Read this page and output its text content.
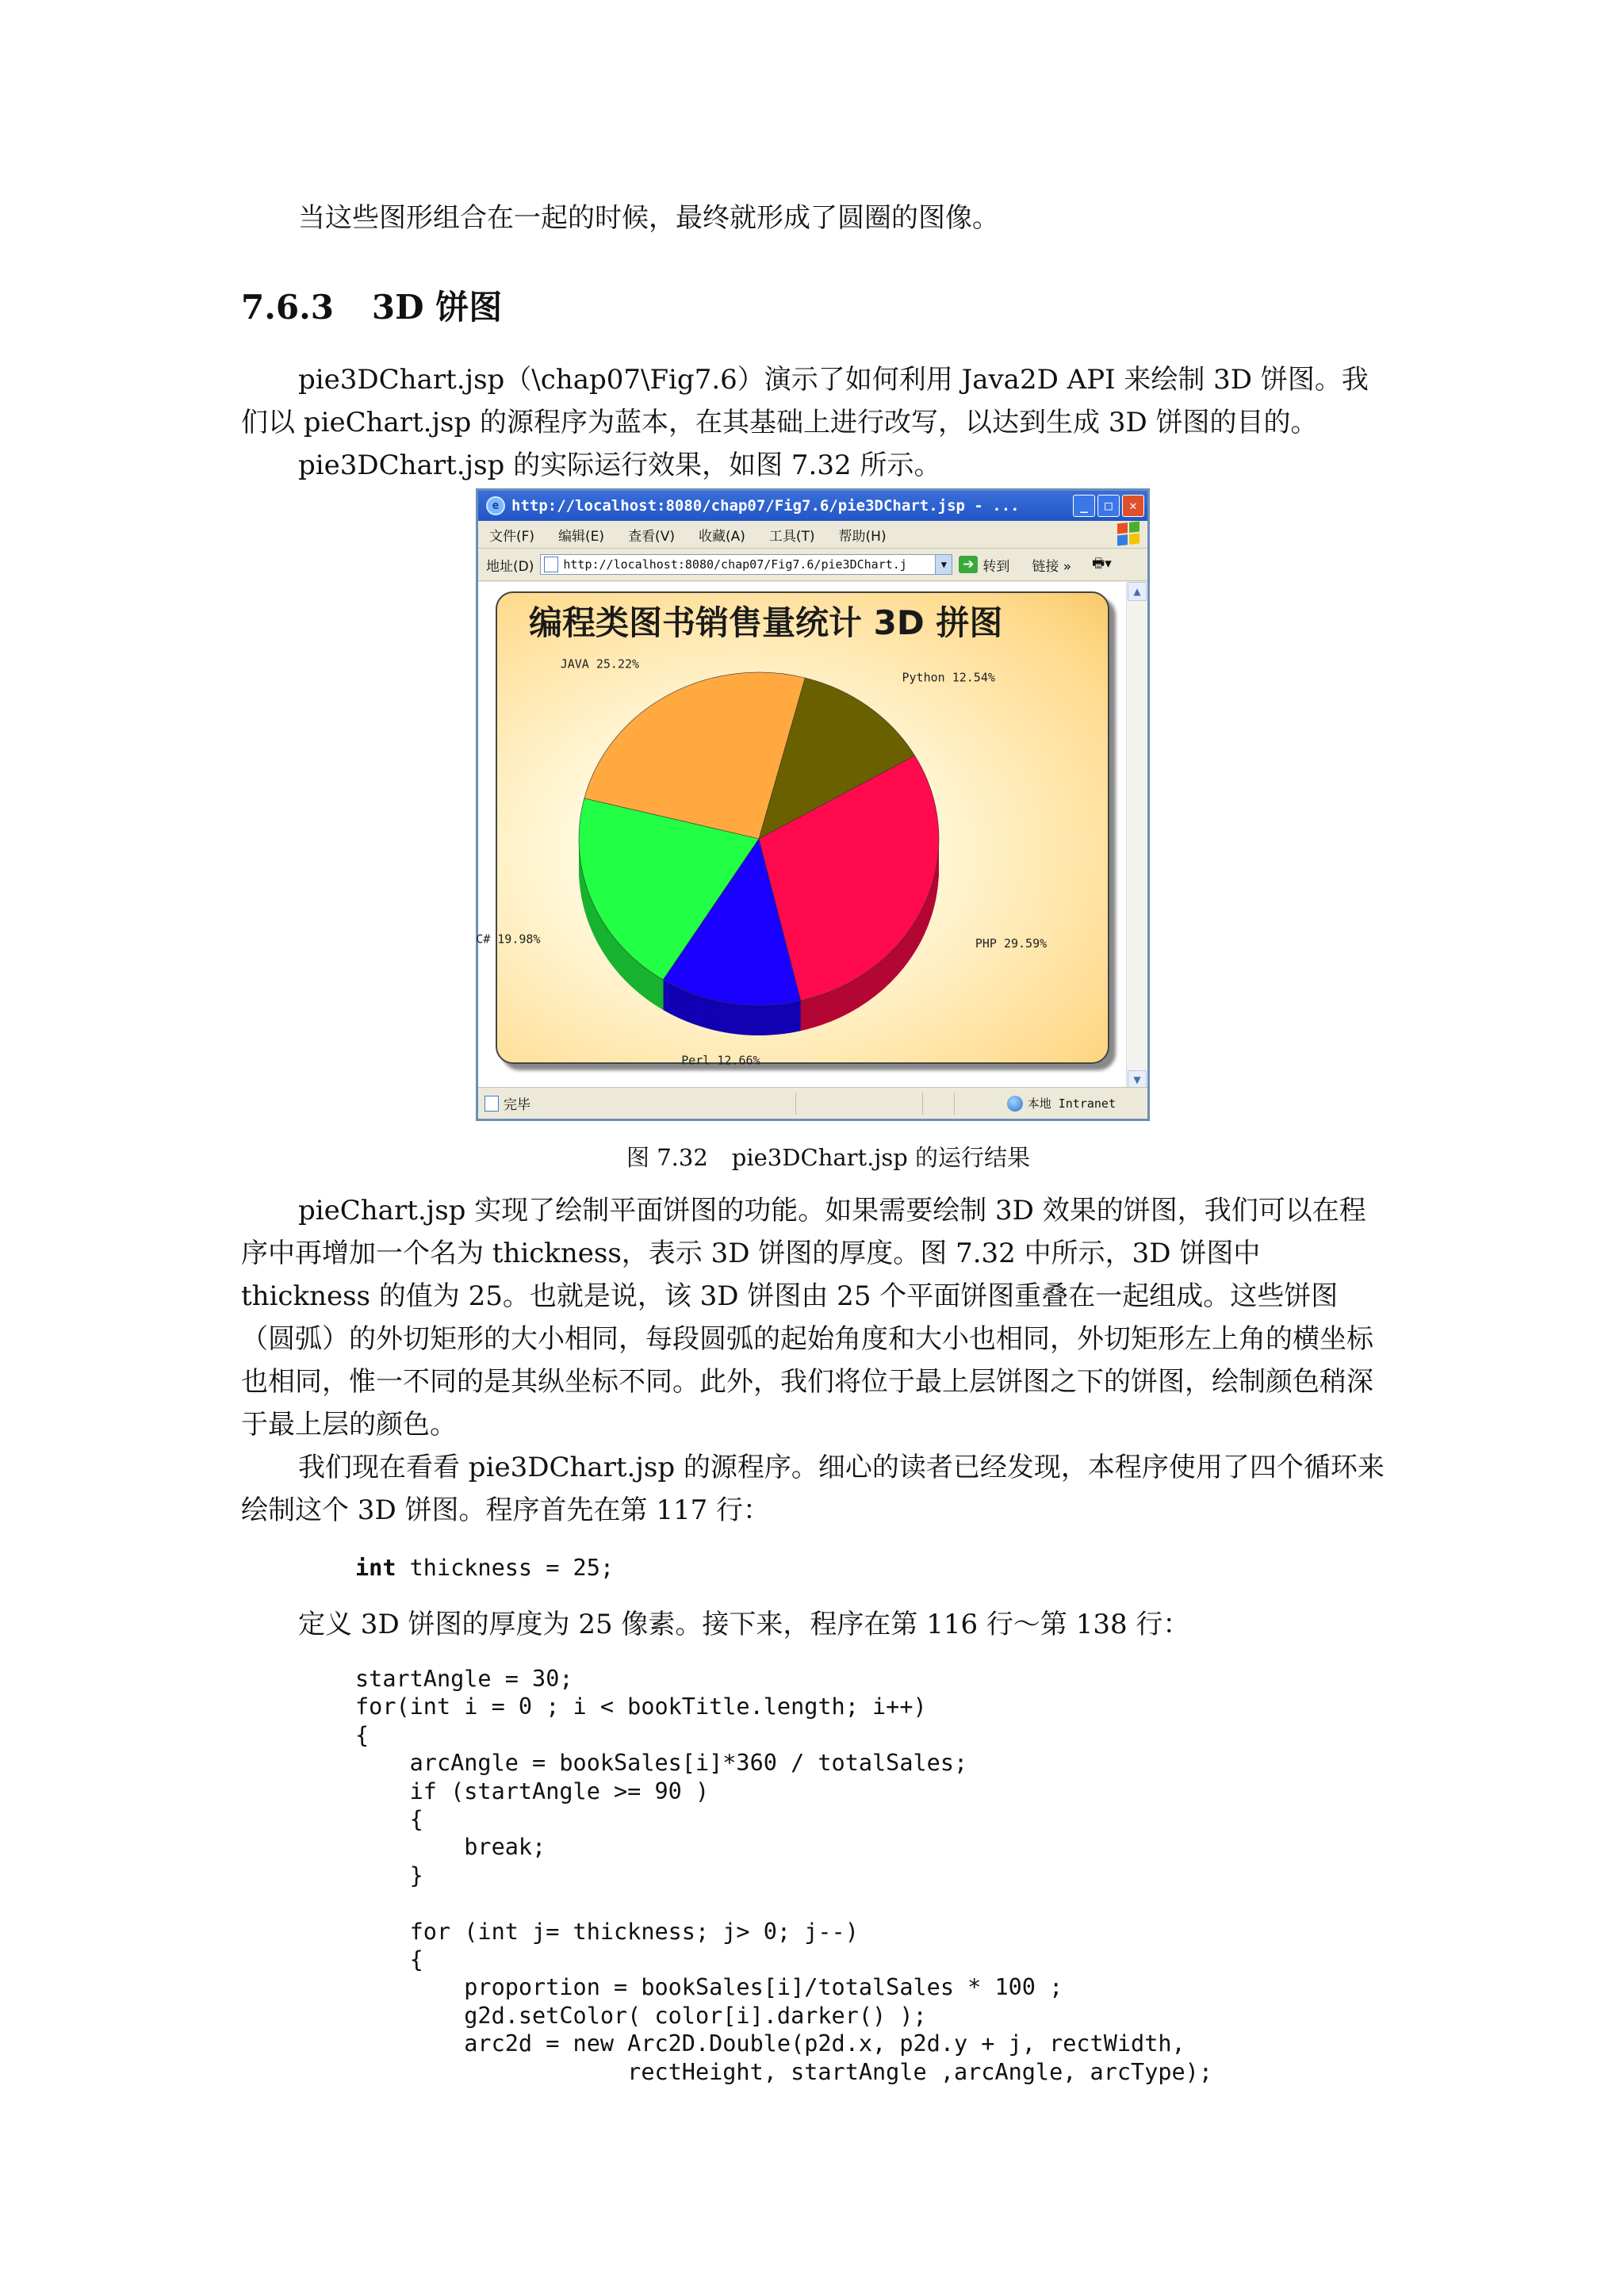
当这些图形组合在一起的时候，最终就形成了圆圈的图像。

7.6.3 3D 饼图

pie3DChart.jsp（\chap07\Fig7.6）演示了如何利用 Java2D API 来绘制 3D 饼图。我们以 pieChart.jsp 的源程序为蓝本，在其基础上进行改写，以达到生成 3D 饼图的目的。

pie3DChart.jsp 的实际运行效果，如图 7.32 所示。

e http://localhost:8080/chap07/Fig7.6/pie3DChart.jsp - ...	_	□	✕
文件(F) 编辑(E) 查看(V) 收藏(A) 工具(T) 帮助(H)
地址(D) http://localhost:8080/chap07/Fig7.6/pie3DChart.j	▼	➔ 转到 链接 » 🖶▾
编程类图书销售量统计 3D 拼图
Python 12.54%
JAVA 25.22%
C# 19.98%
Perl 12.66%
PHP 29.59%
▲
▼
完毕	本地 Intranet
图 7.32 pie3DChart.jsp 的运行结果

pieChart.jsp 实现了绘制平面饼图的功能。如果需要绘制 3D 效果的饼图，我们可以在程序中再增加一个名为 thickness，表示 3D 饼图的厚度。图 7.32 中所示，3D 饼图中 thickness 的值为 25。也就是说，该 3D 饼图由 25 个平面饼图重叠在一起组成。这些饼图（圆弧）的外切矩形的大小相同，每段圆弧的起始角度和大小也相同，外切矩形左上角的横坐标也相同，惟一不同的是其纵坐标不同。此外，我们将位于最上层饼图之下的饼图，绘制颜色稍深于最上层的颜色。

我们现在看看 pie3DChart.jsp 的源程序。细心的读者已经发现，本程序使用了四个循环来绘制这个 3D 饼图。程序首先在第 117 行：

int thickness = 25;

定义 3D 饼图的厚度为 25 像素。接下来，程序在第 116 行～第 138 行：

startAngle = 30;
for(int i = 0 ; i < bookTitle.length; i++)
{
arcAngle = bookSales[i]*360 / totalSales;
if (startAngle >= 90 )
{
break;
}

for (int j= thickness; j> 0; j--)
{
proportion = bookSales[i]/totalSales * 100 ;
g2d.setColor( color[i].darker() );
arc2d = new Arc2D.Double(p2d.x, p2d.y + j, rectWidth,
rectHeight, startAngle ,arcAngle, arcType);
